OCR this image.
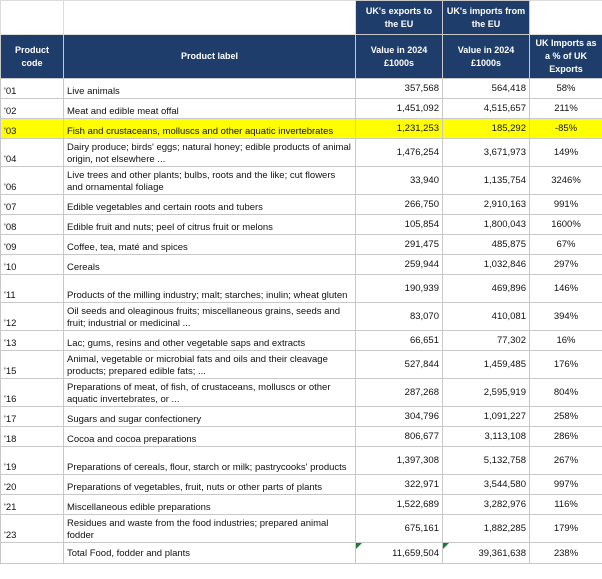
		UK's exports to the EU	UK's imports from the EU	
Product code	Product label	Value in 2024 £1000s	Value in 2024 £1000s	UK Imports as a % of UK Exports
'01	Live animals	357,568	564,418	58%
'02	Meat and edible meat offal	1,451,092	4,515,657	211%
'03	Fish and crustaceans, molluscs and other aquatic invertebrates	1,231,253	185,292	-85%
'04	Dairy produce; birds' eggs; natural honey; edible products of animal origin, not elsewhere ...	1,476,254	3,671,973	149%
'06	Live trees and other plants; bulbs, roots and the like; cut flowers and ornamental foliage	33,940	1,135,754	3246%
'07	Edible vegetables and certain roots and tubers	266,750	2,910,163	991%
'08	Edible fruit and nuts; peel of citrus fruit or melons	105,854	1,800,043	1600%
'09	Coffee, tea, maté and spices	291,475	485,875	67%
'10	Cereals	259,944	1,032,846	297%
'11	Products of the milling industry; malt; starches; inulin; wheat gluten	190,939	469,896	146%
'12	Oil seeds and oleaginous fruits; miscellaneous grains, seeds and fruit; industrial or medicinal ...	83,070	410,081	394%
'13	Lac; gums, resins and other vegetable saps and extracts	66,651	77,302	16%
'15	Animal, vegetable or microbial fats and oils and their cleavage products; prepared edible fats; ...	527,844	1,459,485	176%
'16	Preparations of meat, of fish, of crustaceans, molluscs or other aquatic invertebrates, or ...	287,268	2,595,919	804%
'17	Sugars and sugar confectionery	304,796	1,091,227	258%
'18	Cocoa and cocoa preparations	806,677	3,113,108	286%
'19	Preparations of cereals, flour, starch or milk; pastrycooks' products	1,397,308	5,132,758	267%
'20	Preparations of vegetables, fruit, nuts or other parts of plants	322,971	3,544,580	997%
'21	Miscellaneous edible preparations	1,522,689	3,282,976	116%
'23	Residues and waste from the food industries; prepared animal fodder	675,161	1,882,285	179%
	Total Food, fodder and plants	11,659,504	39,361,638	238%
